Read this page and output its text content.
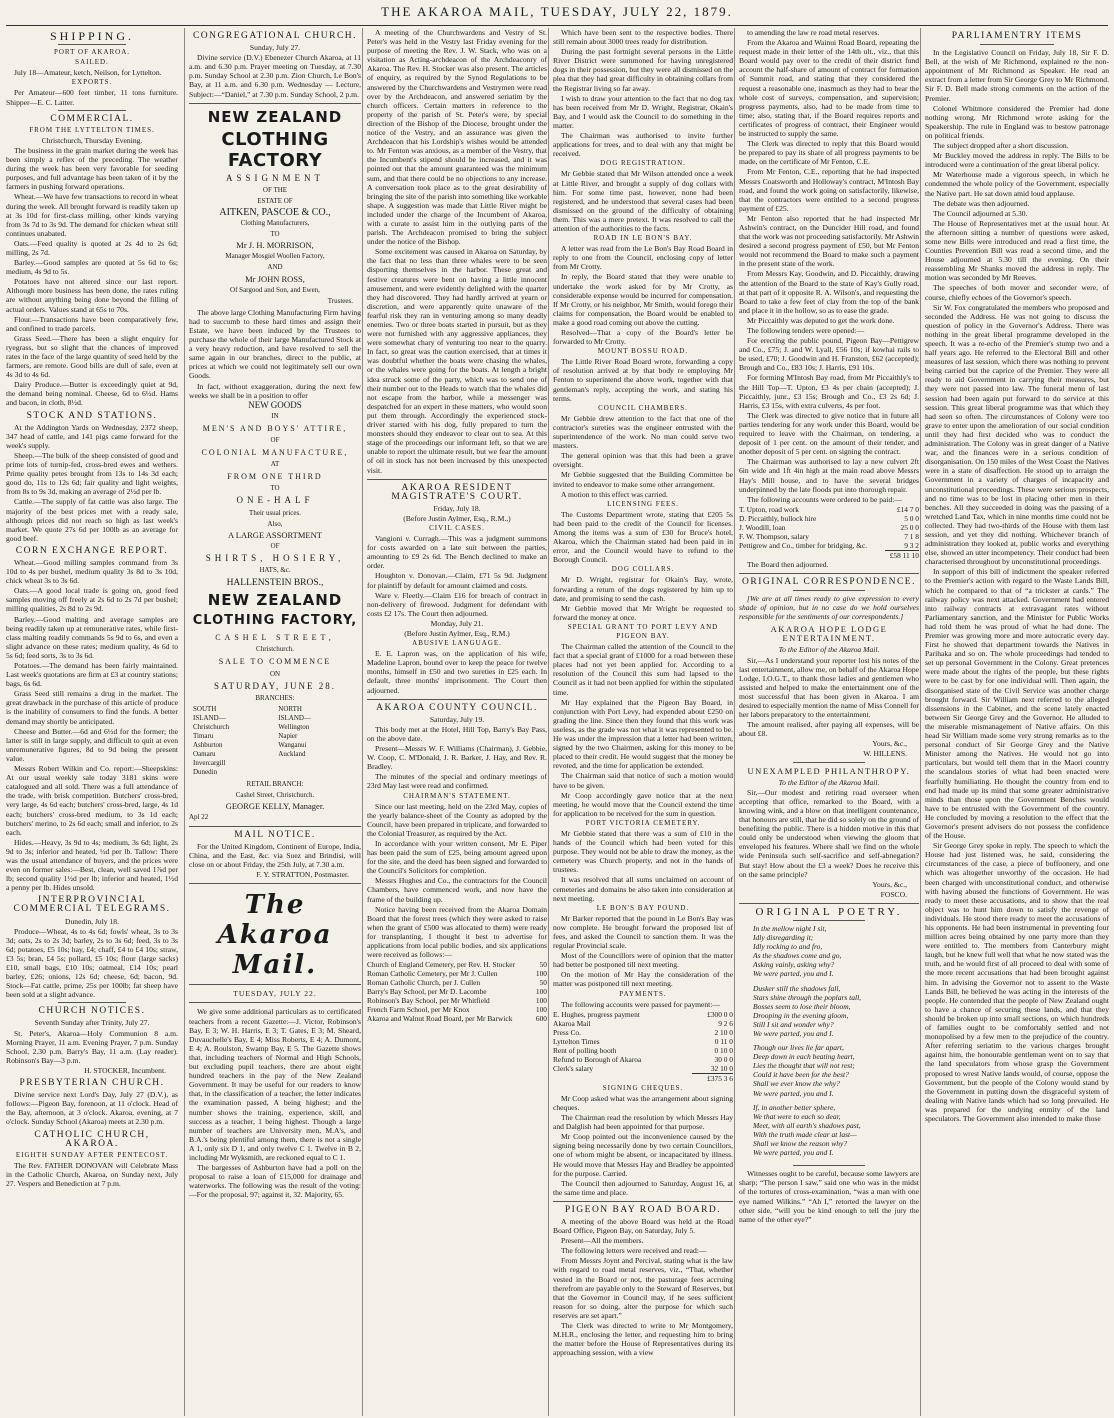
THE AKAROA MAIL, TUESDAY, JULY 22, 1879.
SHIPPING.
PORT OF AKAROA.
SAILED.

July 18—Amateur, ketch, Neilson, for Lyttelton.

EXPORTS.

Per Amateur—600 feet timber, 11 tons furniture. Shipper—E. C. Latter.

COMMERCIAL.
FROM THE LYTTELTON TIMES.
Christchurch, Thursday Evening.

The business in the grain market during the week has been simply a reflex of the preceding. The weather during the week has been very favorable for seeding purposes, and full advantage has been taken of it by the farmers in pushing forward operations.

Wheat.—We have few transactions to record in wheat during the week. All brought forward is readily taken up at 3s 10d for first-class milling, other kinds varying from 3s 7d to 3s 9d. The demand for chicken wheat still continues unabated.

Oats.—Feed quality is quoted at 2s 4d to 2s 6d; milling, 2s 7d.

Barley.—Good samples are quoted at 5s 6d to 6s; medium, 4s 9d to 5s.

Potatoes have not altered since our last report. Although more business has been done, the rates ruling are without anything being done beyond the filling of actual orders. Values stand at 65s to 70s.

Flour.—Transactions have been comparatively few, and confined to trade parcels.

Grass Seed.—There has been a slight enquiry for ryegrass, but so slight that the chances of improved rates in the face of the large quantity of seed held by the farmers, are remote. Good bills are dull of sale, even at 4s 3d to 4s 6d.

Dairy Produce.—Butter is exceedingly quiet at 9d, the demand being nominal. Cheese, 6d to 6½d. Hams and bacon, in cloth, 8½d.

STOCK AND STATIONS.

At the Addington Yards on Wednesday, 2372 sheep, 347 head of cattle, and 141 pigs came forward for the week's supply.

Sheep.—The bulk of the sheep consisted of good and prime lots of turnip-fed, cross-bred ewes and wethers. Prime quality petes brought from 13s to 14s 3d each; good do, 11s to 12s 6d; fair quality and light weights, from 8s to 9s 3d, making an average of 2½d per lb.

Cattle.—The supply of fat cattle was also large. The majority of the best prices met with a ready sale, although prices did not reach so high as last week's market. We quote 27s 6d per 100lb as an average for good beef.

CORN EXCHANGE REPORT.

Wheat.—Good milling samples command from 3s 10d to 4s per bushel, medium quality 3s 8d to 3s 10d, chick wheat 3s to 3s 6d.

Oats.—A good local trade is going on, good feed samples moving off freely at 2s 6d to 2s 7d per bushel; milling qualities, 2s 8d to 2s 9d.

Barley.—Good malting and average samples are being readily taken up at remunerative rates, while first-class malting readily commands 5s 9d to 6s, and even a slight advance on these rates; medium quality, 4s 6d to 5s 6d; feed sorts, 3s to 3s 6d.

Potatoes.—The demand has been fairly maintained. Last week's quotations are firm at £3 at country stations; bags, 6s 6d.

Grass Seed still remains a drug in the market. The great drawback in the purchase of this article of produce is the inability of consumers to find the funds. A better demand may shortly be anticipated.

Cheese and Butter.—6d and 6½d for the former; the latter is still in large supply, and difficult to quit at even unremunerative figures, 8d to 9d being the present value.

Messrs Robert Wilkin and Co. report:—Sheepskins: At our usual weekly sale today 3181 skins were catalogued and all sold. There was a full attendance of the trade, with brisk competition. Butchers' cross-bred, very large, 4s 6d each; butchers' cross-bred, large, 4s 1d each; butchers' cross-bred medium, to 3s 1d each; butchers' merino, to 2s 6d each; small and inferior, to 2s each.

Hides.—Heavy, 3s 9d to 4s; medium, 3s 6d; light, 2s 9d to 3s; inferior and heated, ½d per lb. Tallow: There was the usual attendance of buyers, and the prices were even on former sales:—Best, clean, well saved 1⅞d per lb; second quality 1½d per lb; inferior and heated, 1½d a penny per lb. Hides unsold.

INTERPROVINCIAL COMMERCIAL TELEGRAMS.
Dunedin, July 18.

Produce—Wheat, 4s to 4s 6d; fowls' wheat, 3s to 3s 3d; oats, 2s to 2s 3d; barley, 2s to 3s 6d; feed, 3s to 3s 6d; potatoes, £5 10s; hay, £4; chaff, £4 to £4 10s; straw, £3 5s; bran, £4 5s; pollard, £5 10s; flour (large sacks) £10, small bags, £10 10s; oatmeal, £14 10s; pearl barley, £26; onions, 12s 6d; cheese, 6d; bacon, 9d. Stock—Fat cattle, prime, 25s per 100lb; fat sheep have been sold at a slight advance.

CHURCH NOTICES.
Seventh Sunday after Trinity, July 27.

St. Peter's, Akaroa—Holy Communion 8 a.m. Morning Prayer, 11 a.m. Evening Prayer, 7 p.m. Sunday School, 2.30 p.m. Barry's Bay, 11 a.m. (Lay reader). Robinson's Bay—3 p.m.

H. STOCKER, Incumbent.

PRESBYTERIAN CHURCH.

Divine service next Lord's Day, July 27 (D.V.), as follows:—Pigeon Bay, forenoon, at 11 o'clock. Head of the Bay, afternoon, at 3 o'clock. Akaroa, evening, at 7 o'clock. Sunday School (Akaroa) meets at 2.30 p.m.

CATHOLIC CHURCH, AKAROA.
EIGHTH SUNDAY AFTER PENTECOST.

The Rev. FATHER DONOVAN will Celebrate Mass in the Catholic Church, Akaroa, on Sunday next, July 27. Vespers and Benediction at 7 p.m.

CONGREGATIONAL CHURCH.
Sunday, July 27.

Divine service (D.V.) Ebenezer Church Akaroa, at 11 a.m. and 6.30 p.m. Prayer meeting on Tuesday, at 7.30 p.m. Sunday School at 2.30 p.m. Zion Church, Le Bon's Bay, at 11 a.m. and 6.30 p.m. Wednesday — Lecture, Subject:—“Daniel,” at 7.30 p.m. Sunday School, 2 p.m.

NEW ZEALAND
CLOTHING FACTORY
ASSIGNMENT
OF THE
ESTATE OF
AITKEN, PASCOE & CO.,
Clothing Manufacturers,
TO
Mr J. H. MORRISON,
Manager Mosgiel Woollen Factory,
AND
Mr JOHN ROSS,
Of Sargood and Son, and Ewen,
Trustees.

The above large Clothing Manufacturing Firm having had to succumb to these hard times and assign their Estate, we have been induced by the Trustees to purchase the whole of their large Manufactured Stock at a very heavy reduction, and have resolved to sell the same again in our branches, direct to the public, at prices at which we could not legitimately sell our own Goods.

In fact, without exaggeration, during the next few weeks we shall be in a position to offer

NEW GOODS
IN
MEN'S AND BOYS' ATTIRE,
OF
COLONIAL MANUFACTURE,
AT
FROM ONE THIRD
TO
ONE-HALF
Their usual prices.
Also,
A LARGE ASSORTMENT
OF
SHIRTS, HOSIERY,
HATS, &c.
HALLENSTEIN BROS.,
NEW ZEALAND
CLOTHING FACTORY,
CASHEL STREET,
Christchurch.
SALE TO COMMENCE
ON
SATURDAY, JUNE 28.
BRANCHES:
SOUTH ISLAND—
Christchurch
Timaru
Ashburton
Oamaru
Invercargill
Dunedin
NORTH ISLAND—
Wellington
Napier
Wanganui
Auckland
RETAIL BRANCH:
Cashel Street, Christchurch.
GEORGE KELLY, Manager.
Apl 22
MAIL NOTICE.

For the United Kingdom, Continent of Europe, India, China, and the East, &c. via Suez and Brindisi, will close on or about Friday, the 25th July, at 7.30 a.m.

F. Y. STRATTON, Postmaster.

The Akaroa Mail.
TUESDAY, JULY 22.

We give some additional particulars as to certificated teachers from a recent Gazette:—J. Victor, Robinson's Bay, E 3; W. H. Harris, E 3; T. Gates, E 3; M. Sheard, Duvauchelle's Bay, E 4; Miss Roberts, E 4; A. Dumont, E 4; A. Roulston, Swamp Bay, E 5. The Gazette shows that, including teachers of Normal and High Schools, but excluding pupil teachers, there are about eight hundred teachers in the pay of the New Zealand Government. It may be useful for our readers to know that, in the classification of a teacher, the letter indicates the examination passed, A being highest; and the number shows the training, experience, skill, and success as a teacher, 1 being highest. Though a large number of teachers are University men, M.A's, and B.A.'s being plentiful among them, there is not a single A 1, only six D 1, and only twelve C 1. Twelve in B 2, including Mr Wyksmith, are reckoned equal to C 1.

The bargesses of Ashburton have had a poll on the proposal to raise a loan of £15,000 for drainage and waterworks. The following was the result of the voting:—For the proposal, 97; against it, 32. Majority, 65.

A meeting of the Churchwardens and Vestry of St. Peter's was held in the Vestry last Friday evening for the purpose of meeting the Rev. J. W. Stack, who was on a visitation as Acting-archdeacon of the Archdeaconry of Akaroa. The Rev. H. Stocker was also present. The articles of enquiry, as required by the Synod Regulations to be answered by the Churchwardens and Vestrymen were read over by the Archdeacon, and answered seriatim by the church officers. Certain matters in reference to the property of the parish of St. Peter's were, by special direction of the Bishop of the Diocese, brought under the notice of the Vestry, and an assurance was given the Archdeacon that his Lordship's wishes would be attended to. Mr Fenton was anxious, as a member of the Vestry, that the Incumbent's stipend should be increased, and it was pointed out that the amount guaranteed was the minimum sum, and that there could be no objections to any increase. A conversation took place as to the great desirability of bringing the site of the parish into something like workable shape. A suggestion was made that Little River might be included under the charge of the Incumbent of Akaroa, with a curate to assist him in the outlying parts of the parish. The Archdeacon promised to bring the subject under the notice of the Bishop.

Some excitement was caused in Akaroa on Saturday, by the fact that no less than three whales were to be seen disporting themselves in the harbor. These great and festive creatures were bent on having a little innocent amusement, and were evidently delighted with the quarter they had discovered. They had hardly arrived at yearn or discretion, and were apparently quite unaware of the fearful risk they ran in venturing among so many deadly enemies. Two or three boats started in pursuit, but as they were not furnished with any aggressive appliances, they were somewhat chary of venturing too near to the quarry. In fact, so great was the caution exercised, that at times it was doubtful whether the boats were chasing the whales, or the whales were going for the boats. At length a bright idea struck some of the party, which was to send one of their number out to the Heads to watch that the whales did not escape from the harbor, while a messenger was despatched for an expert in these matters, who would soon put them through. Accordingly the experienced stock-driver started with his dog, fully prepared to turn the monsters should they endeavor to clear out to sea. At this stage of the proceedings our informant left, so that we are unable to report the ultimate result, but we fear the amount of oil in stock has not been increased by this unexpected visit.

AKAROA RESIDENT MAGISTRATE'S COURT.
Friday, July 18.
(Before Justin Aylmer, Esq., R.M.,)
CIVIL CASES.

Vangioni v. Curragh.—This was a judgment summons for costs awarded on a late suit between the parties, amounting to £9 2s 6d. The Bench declined to make an order.

Houghton v. Donovan.—Claim, £71 5s 9d. Judgment for plaintiff by default for amount claimed and costs.

Ware v. Fleetly.—Claim £16 for breach of contract in non-delivery of firewood. Judgment for defendant with costs £2 17s. The Court then adjourned.

Monday, July 21.
(Before Justin Aylmer, Esq., R.M.)
ABUSIVE LANGUAGE.

E. E. Lapron was, on the application of his wife, Madeline Lapron, bound over to keep the peace for twelve months, himself in £50 and two sureties in £25 each. In default, three months' imprisonment. The Court then adjourned.

AKAROA COUNTY COUNCIL.
Saturday, July 19.

This body met at the Hotel, Hill Top, Barry's Bay Pass, on the above date.

Present—Messrs W. F. Williams (Chairman), J. Gebbie, W. Coop, C. M'Donald, J. R. Barker, J. Hay, and Rev. R. Bradley.

The minutes of the special and ordinary meetings of 23rd May last were read and confirmed.

CHAIRMAN'S STATEMENT.

Since our last meeting, held on the 23rd May, copies of the yearly balance-sheet of the County as adopted by the Council, have been prepared in triplicate, and forwarded to the Colonial Treasurer, as required by the Act.

In accordance with your written consent, Mr E. Piper has been paid the sum of £25, being amount agreed upon for the site, and the deed has been signed and forwarded to the Council's Solicitors for completion.

Messrs Hughes and Co., the contractors for the Council Chambers, have commenced work, and now have the frame of the building up.

Notice having been received from the Akaroa Domain Board that the forest trees (which they were asked to raise when the grant of £500 was allocated to them) were ready for transplanting, I thought it best to advertise for applications from local public bodies, and six applications were received as follows:—

Church of England Cemetery, per Rev. H. Stocker	50
Roman Catholic Cemetery, per Mr J. Cullen	100
Roman Catholic Church, per J. Cullen	50
Barry's Bay School, per Mr D. Lacombe	100
Robinson's Bay School, per Mr Whitfield	100
French Farm School, per Mr Knox	100
Akaroa and Walnut Road Board, per Mr Barwick	600

Which have been sent to the respective bodies. There still remain about 3000 trees ready for distribution.

During the past fortnight several persons in the Little River District were summoned for having unregistered dogs in their possession, but they were all dismissed on the plea that they had great difficulty in obtaining collars from the Registrar living so far away.

I wish to draw your attention to the fact that no dog tax has been received from Mr D. Wright, Registrar, Okain's Bay, and I would ask the Council to do something in the matter.

The Chairman was authorised to invite further applications for trees, and to deal with any that might be received.

DOG REGISTRATION.

Mr Gebbie stated that Mr Wilson attended once a week at Little River, and brought a supply of dog collars with him. For some time past, however, none had been registered, and he understood that several cases had been dismissed on the ground of the difficulty of obtaining them. This was a mere pretext. It was resolved to call the attention of the authorities to the facts.

ROAD IN LE BON'S BAY.

A letter was read from the Le Bon's Bay Road Board in reply to one from the Council, enclosing copy of letter from Mr Crotty.

In reply, the Board stated that they were unable to undertake the work asked for by Mr Crotty, as considerable expense would be incurred for compensation. If Mr Crotty, or his neighbor, Mr Smith, would forego their claims for compensation, the Board would be enabled to make a good road coming out above the cutting.

Resolved—That a copy of the Board's letter be forwarded to Mr Crotty.

MOUNT BOSSU ROAD.

The Little River Road Board wrote, forwarding a copy of resolution arrived at by that body re employing Mr Fenton to superintend the above work, together with that gentleman's reply, accepting the work, and stating his terms.

COUNCIL CHAMBERS.

Mr Gebbie drew attention to the fact that one of the contractor's sureties was the engineer entrusted with the superintendence of the work. No man could serve two masters.

The general opinion was that this had been a grave oversight.

Mr Gebbie suggested that the Building Committee be invited to endeavor to make some other arrangement.

A motion to this effect was carried.

LICENSING FEES.

The Customs Department wrote, stating that £205 5s had been paid to the credit of the Council for licenses. Among the items was a sum of £30 for Bruce's hotel, Akaroa, which the Chairman stated had been paid in in error, and the Council would have to refund to the Borough Council.

DOG COLLARS.

Mr D. Wright, registrar for Okain's Bay, wrote, forwarding a return of the dogs registered by him up to date, and promising to send the cash.

Mr Gebbie moved that Mr Wright be requested to forward the money at once.

SPECIAL GRANT TO PORT LEVY AND PIGEON BAY.

The Chairman called the attention of the Council to the fact that a special grant of £1000 for a road between these places had not yet been applied for. According to a resolution of the Council this sum had lapsed to the Council as it had not been applied for within the stipulated time.

Mr Hay explained that the Pigeon Bay Board, in conjunction with Port Levy, had expended about £250 on grading the line. Since then they found that this work was useless, as the grade was not what it was represented to be. He was under the impression that a letter had been written, signed by the two Chairmen, asking for this money to be placed to their credit. He would suggest that the money be revoted, and the time for application be extended.

The Chairman said that notice of such a motion would have to be given.

Mr Coop accordingly gave notice that at the next meeting, he would move that the Council extend the time for application to be received for the sum in question.

PORT VICTORIA CEMETERY.

Mr Gebbie stated that there was a sum of £10 in the hands of the Council which had been voted for this purpose. They would not be able to draw the money, as the cemetery was Church property, and not in the hands of trustees.

It was resolved that all sums unclaimed on account of cemeteries and domains be also taken into consideration at next meeting.

LE BON'S BAY POUND.

Mr Barker reported that the pound in Le Bon's Bay was now complete. He brought forward the proposed list of fees, and asked the Council to sanction them. It was the regular Provincial scale.

Most of the Councillors were of opinion that the matter had better be postponed till next meeting.

On the motion of Mr Hay the consideration of the matter was postponed till next meeting.

PAYMENTS.

The following accounts were passed for payment:—

E. Hughes, progress payment	£300 0 0
Akaroa Mail	9 2 6
Press Co.	2 10 0
Lyttelton Times	0 11 0
Rent of polling booth	0 10 0
Refund to Borough of Akaroa	30 0 0
Clerk's salary	32 10 0
	£375 3 6
SIGNING CHEQUES.

Mr Coop asked what was the arrangement about signing cheques.

The Chairman read the resolution by which Messrs Hay and Dalglish had been appointed for that purpose.

Mr Coop pointed out the inconvenience caused by the signing being necessarily done by two certain Councillors, one of whom might be absent, or incapacitated by illness. He would move that Messrs Hay and Bradley be appointed for the purpose. Carried.

The Council then adjourned to Saturday, August 16, at the same time and place.

PIGEON BAY ROAD BOARD.

A meeting of the above Board was held at the Road Board Office, Pigeon Bay, on Saturday, July 5.

Present—All the members.

The following letters were received and read:—

From Messrs Joynt and Percival, stating what is the law with regard to road metal reserves, viz., “That, whether vested in the Board or not, the pasturage fees accruing therefrom are payable only to the Steward of Reserves, but that the Governor in Council may, if he sees sufficient reason for so doing, alter the purpose for which such reserves are set apart.”

The Clerk was directed to write to Mr Montgomery, M.H.R., enclosing the letter, and requesting him to bring the matter before the House of Representatives during its approaching session, with a view

to amending the law re road metal reserves.

From the Akaroa and Wainui Road Board, repeating the request made in their letter of the 14th ult., viz., that this Board would pay over to the credit of their district fund account the half-share of amount of contract for formation of Summit road, and stating that they considered the request a reasonable one, inasmuch as they had to bear the whole cost of surveys, compensation, and supervision; progress payments, also, had to be made from time to time; also, stating that, if the Board requires reports and certificates of progress of contract, their Engineer would be instructed to supply the same.

The Clerk was directed to reply that this Board would be prepared to pay its share of all progress payments to be made, on the certificate of Mr Fenton, C.E.

From Mr Fenton, C.E., reporting that he had inspected Messrs Coatsworth and Holloway's contract, M'Intosh Bay road, and found the work going on satisfactorily, likewise, that the contractors were entitled to a second progress payment of £25.

Mr Fenton also reported that he had inspected Mr Ashwin's contract, on the Duncider Hill road, and found that the work was not proceeding satisfactorily. Mr Ashwin desired a second progress payment of £50, but Mr Fenton would not recommend the Board to make such a payment in the present state of the work.

From Messrs Kay, Goodwin, and D. Piccaithly, drawing the attention of the Board to the state of Kay's Gully road, at that part of it opposite R. A. Wilson's, and requesting the Board to take a few feet of clay from the top of the bank and place it in the hollow, so as to ease the grade.

Mr Piccaithly was deputed to get the work done.

The following tenders were opened:—

For erecting the public pound, Pigeon Bay—Pettigrew and Co., £75; J. and W. Lyall, £56 10s; if kowhai rails to be used, £70; J. Goodwin and H. Franston, £62 (accepted); Brough and Co., £83 10s; J. Harris, £91 10s.

For forming M'Intosh Bay road, from Mr Piccaithly's to the Hill Top—T. Upton, £3 4s per chain (accepted); J. Piccaithly, junr., £3 15s; Brough and Co., £3 2s 6d; J. Harris, £3 15s, with extra culverts, 4s per foot.

The Clerk was directed to give notice that in future all parties tendering for any work under this Board, would be required to leave with the Chairman, on tendering, a deposit of 1 per cent. on the amount of their tender, and another deposit of 5 per cent. on signing the contract.

The Chairman was authorised to lay a new culvert 2ft 6in wide and 1ft 4in high at the main road above Messrs Hay's Mill house, and to have the several bridges underpinned by the late floods put into thorough repair.

The following accounts were ordered to be paid:—

T. Upton, road work	£14 7 0
D. Piccaithly, bullock hire	5 0 0
J. Woodill, loan	25 0 0
F. W. Thompson, salary	7 1 8
Pettigrew and Co., timber for bridging, &c.	9 3 2
	£58 11 10

The Board then adjourned.

ORIGINAL CORRESPONDENCE.

[We are at all times ready to give expression to every shade of opinion, but in no case do we hold ourselves responsible for the sentiments of our correspondents.]

AKAROA HOPE LODGE ENTERTAINMENT.
To the Editor of the Akaroa Mail.

Sir,—As I understand your reporter lost his notes of the last entertainment, allow me, on behalf of the Akaroa Hope Lodge, I.O.G.T., to thank those ladies and gentlemen who assisted and helped to make the entertainment one of the most successful that has been given in Akaroa. I am desired to especially mention the name of Miss Connell for her labors preparatory to the entertainment.

The amount realised, after paying all expenses, will be about £8.

Yours, &c.,

W. HILLENS.

UNEXAMPLED PHILANTHROPY.
To the Editor of the Akaroa Mail.

Sir,—Our modest and retiring road overseer when accepting that office, remarked to the Board, with a knowing wink, and a blow on that intelligent countenance, that honours are still, that he did so solely on the ground of benefiting the public. There is a hidden motive in this that could only be understood when viewing the gloom that enveloped his features. Where shall we find on the whole wide Peninsula such self-sacrifice and self-abnegation? But stay! How about the £3 a week? Does he receive this on the same principle?

Yours, &c.,

FOSCO.

ORIGINAL POETRY.

In the mellow night I sit,

Idly disregarding it;

Idly rocking to and fro,

As the shadows come and go,

Asking vainly, asking why?

We were parted, you and I.

Dusker still the shadows fall,

Stars shine through the poplars tall,

Bosses seem to lose their bloom,

Drooping in the evening gloom,

Still I sit and wonder why?

We were parted, you and I.

Though our lives lie far apart,

Deep down in each beating heart,

Lies the thought that will not rest;

Could it have been for the best?

Shall we ever know the why?

We were parted, you and I.

If, in another better sphere,

We that were to each so dear,

Meet, with all earth's shadows past,

With the truth made clear at last—

Shall we know the reason why?

We were parted, you and I.

Witnesses ought to be careful, because some lawyers are sharp; “The person I saw,” said one who was in the midst of the tortures of cross-examination, “was a man with one eye named Wilkins.” “Ah I,” retorted the lawyer on the other side, “will you be kind enough to tell the jury the name of the other eye?”

PARLIAMENTRY ITEMS

In the Legislative Council on Friday, July 18, Sir F. D. Bell, at the wish of Mr Richmond, explained re the non-appointment of Mr Richmond as Speaker. He read an extract from a letter from Sir George Grey to Mr Richmond. Sir F. D. Bell made strong comments on the action of the Premier.

Colonel Whitmore considered the Premier had done nothing wrong. Mr Richmond wrote asking for the Speakership. The rule in England was to bestow patronage on political friends.

The subject dropped after a short discussion.

Mr Buckley moved the address in reply. The Bills to be introduced were a continuation of the great liberal policy.

Mr Waterhouse made a vigorous speech, in which he condemned the whole policy of the Government, especially the Native part. He sat down amid loud applause.

The debate was then adjourned.

The Council adjourned at 5.30.

The House of Representatives met at the usual hour. At the afternoon sitting a number of questions were asked, some new Bills were introduced and read a first time, the Counties Prevention Bill was read a second time, and the House adjourned at 5.30 till the evening. On their reassembling Mr Shanks moved the address in reply. The motion was seconded by Mr Reeves.

The speeches of both mover and seconder were, of course, chiefly echoes of the Governor's speech.

Sir W. Fox congratulated the members who proposed and seconded the Address. He was not going to discuss the question of policy in the Governor's Address. There was nothing in the great liberal programme developed in the speech. It was a re-echo of the Premier's stump two and a half years ago. He referred to the Electoral Bill and other measures of last session, which there was nothing to prevent being carried but the caprice of the Premier. They were all ready to aid Government in carrying their measures, but they were not passed into law. The funeral menu of last session had been again put forward to do service at this session. This great liberal programme was that which they had seen so often. The circumstances of Colony were too grave to enter upon the amelioration of our social condition until they had first decided who was to conduct the administration. The Colony was in great danger of a Native war, and the finances were in a serious condition of disorganisation. On 150 miles of the West Coast the Natives were in a state of disaffection. He stood up to arraign the Government in a variety of charges of incapacity and unconstitutional proceedings. These were serious prospects, and no time was to be lost in placing other men in their benches. All they succeeded in doing was the passing of a wretched Land Tax, which in nine months time could not be collected. They had two-thirds of the House with them last session, and yet they did nothing. Whichever branch of administration they looked at, public works and everything else, showed an utter incompetency. Their conduct had been characterised throughout by unconstitutional proceedings.

In support of this bill of indictment the speaker referred to the Premier's action with regard to the Waste Lands Bill, which he compared to that of “a trickster at cards.” The railway policy was next attacked. Government had entered into railway contracts at extravagant rates without Parliamentary sanction, and the Minister for Public Works had told them he was proud of what he had done. The Premier was growing more and more autocratic every day. First he showed that department towards the Natives in Parihaka and so on. The whole proceedings had tended to set up personal Government in the Colony. Great pretences were made about the rights of the people, but these rights were to be cast by for one individual will. Then again, the disorganised state of the Civil Service was another charge brought forward. Sir William next referred to the alleged dissensions in the Cabinet, and the scene lately enacted between Sir George Grey and the Governor. He alluded to the miserable mismanagement of Native affairs. On this head Sir William made some very strong remarks as to the personal conduct of Sir George Grey and the Native Minister among the Natives. He would not go into particulars, but would tell them that in the Maori country the scandalous stories of what had been enacted were fearfully humiliating. He thought the country from end to end had made up its mind that some greater administrative minds than those upon the Government Benches would have to be entrusted with the Government of the country. He concluded by moving a resolution to the effect that the Governor's present advisers do not possess the confidence of the House.

Sir George Grey spoke in reply. The speech to which the House had just listened was, he said, considering the circumstances of the case, a piece of buffoonery, and one which was altogether unworthy of the occasion. He had been charged with unconstitutional conduct, and otherwise with having abused the functions of Government. He was ready to meet these accusations, and to show that the real object was to hunt him down to satisfy the revenge of individuals. He stood there ready to meet the accusations of his opponents. He had been instrumental in preventing four million acres being obtained by one party more than they were entitled to. The members from Canterbury might laugh, but he knew full well that what he now stated was the truth, and he would first of all proceed to deal with some of the more recent accusations that had been brought against him. In advising the Governor not to assent to the Waste Lands Bill, he believed he was acting in the interests of the people. He contended that the people of New Zealand ought to have a chance of securing these lands, and that they should be broken up into small sections, on which hundreds of families ought to be comfortably settled and not monopolised by a few men to the prejudice of the country. After referring seriatim to the various charges brought against him, the honourable gentleman went on to say that the land speculators from whose grasp the Government proposed to wrest Native lands would, of course, oppose the Government, but the people of the Colony would stand by the Government in putting down the disgraceful system of dealing with Native lands which had so long prevailed. He was prepared for the undying enmity of the land speculators. The Government also intended to make those
